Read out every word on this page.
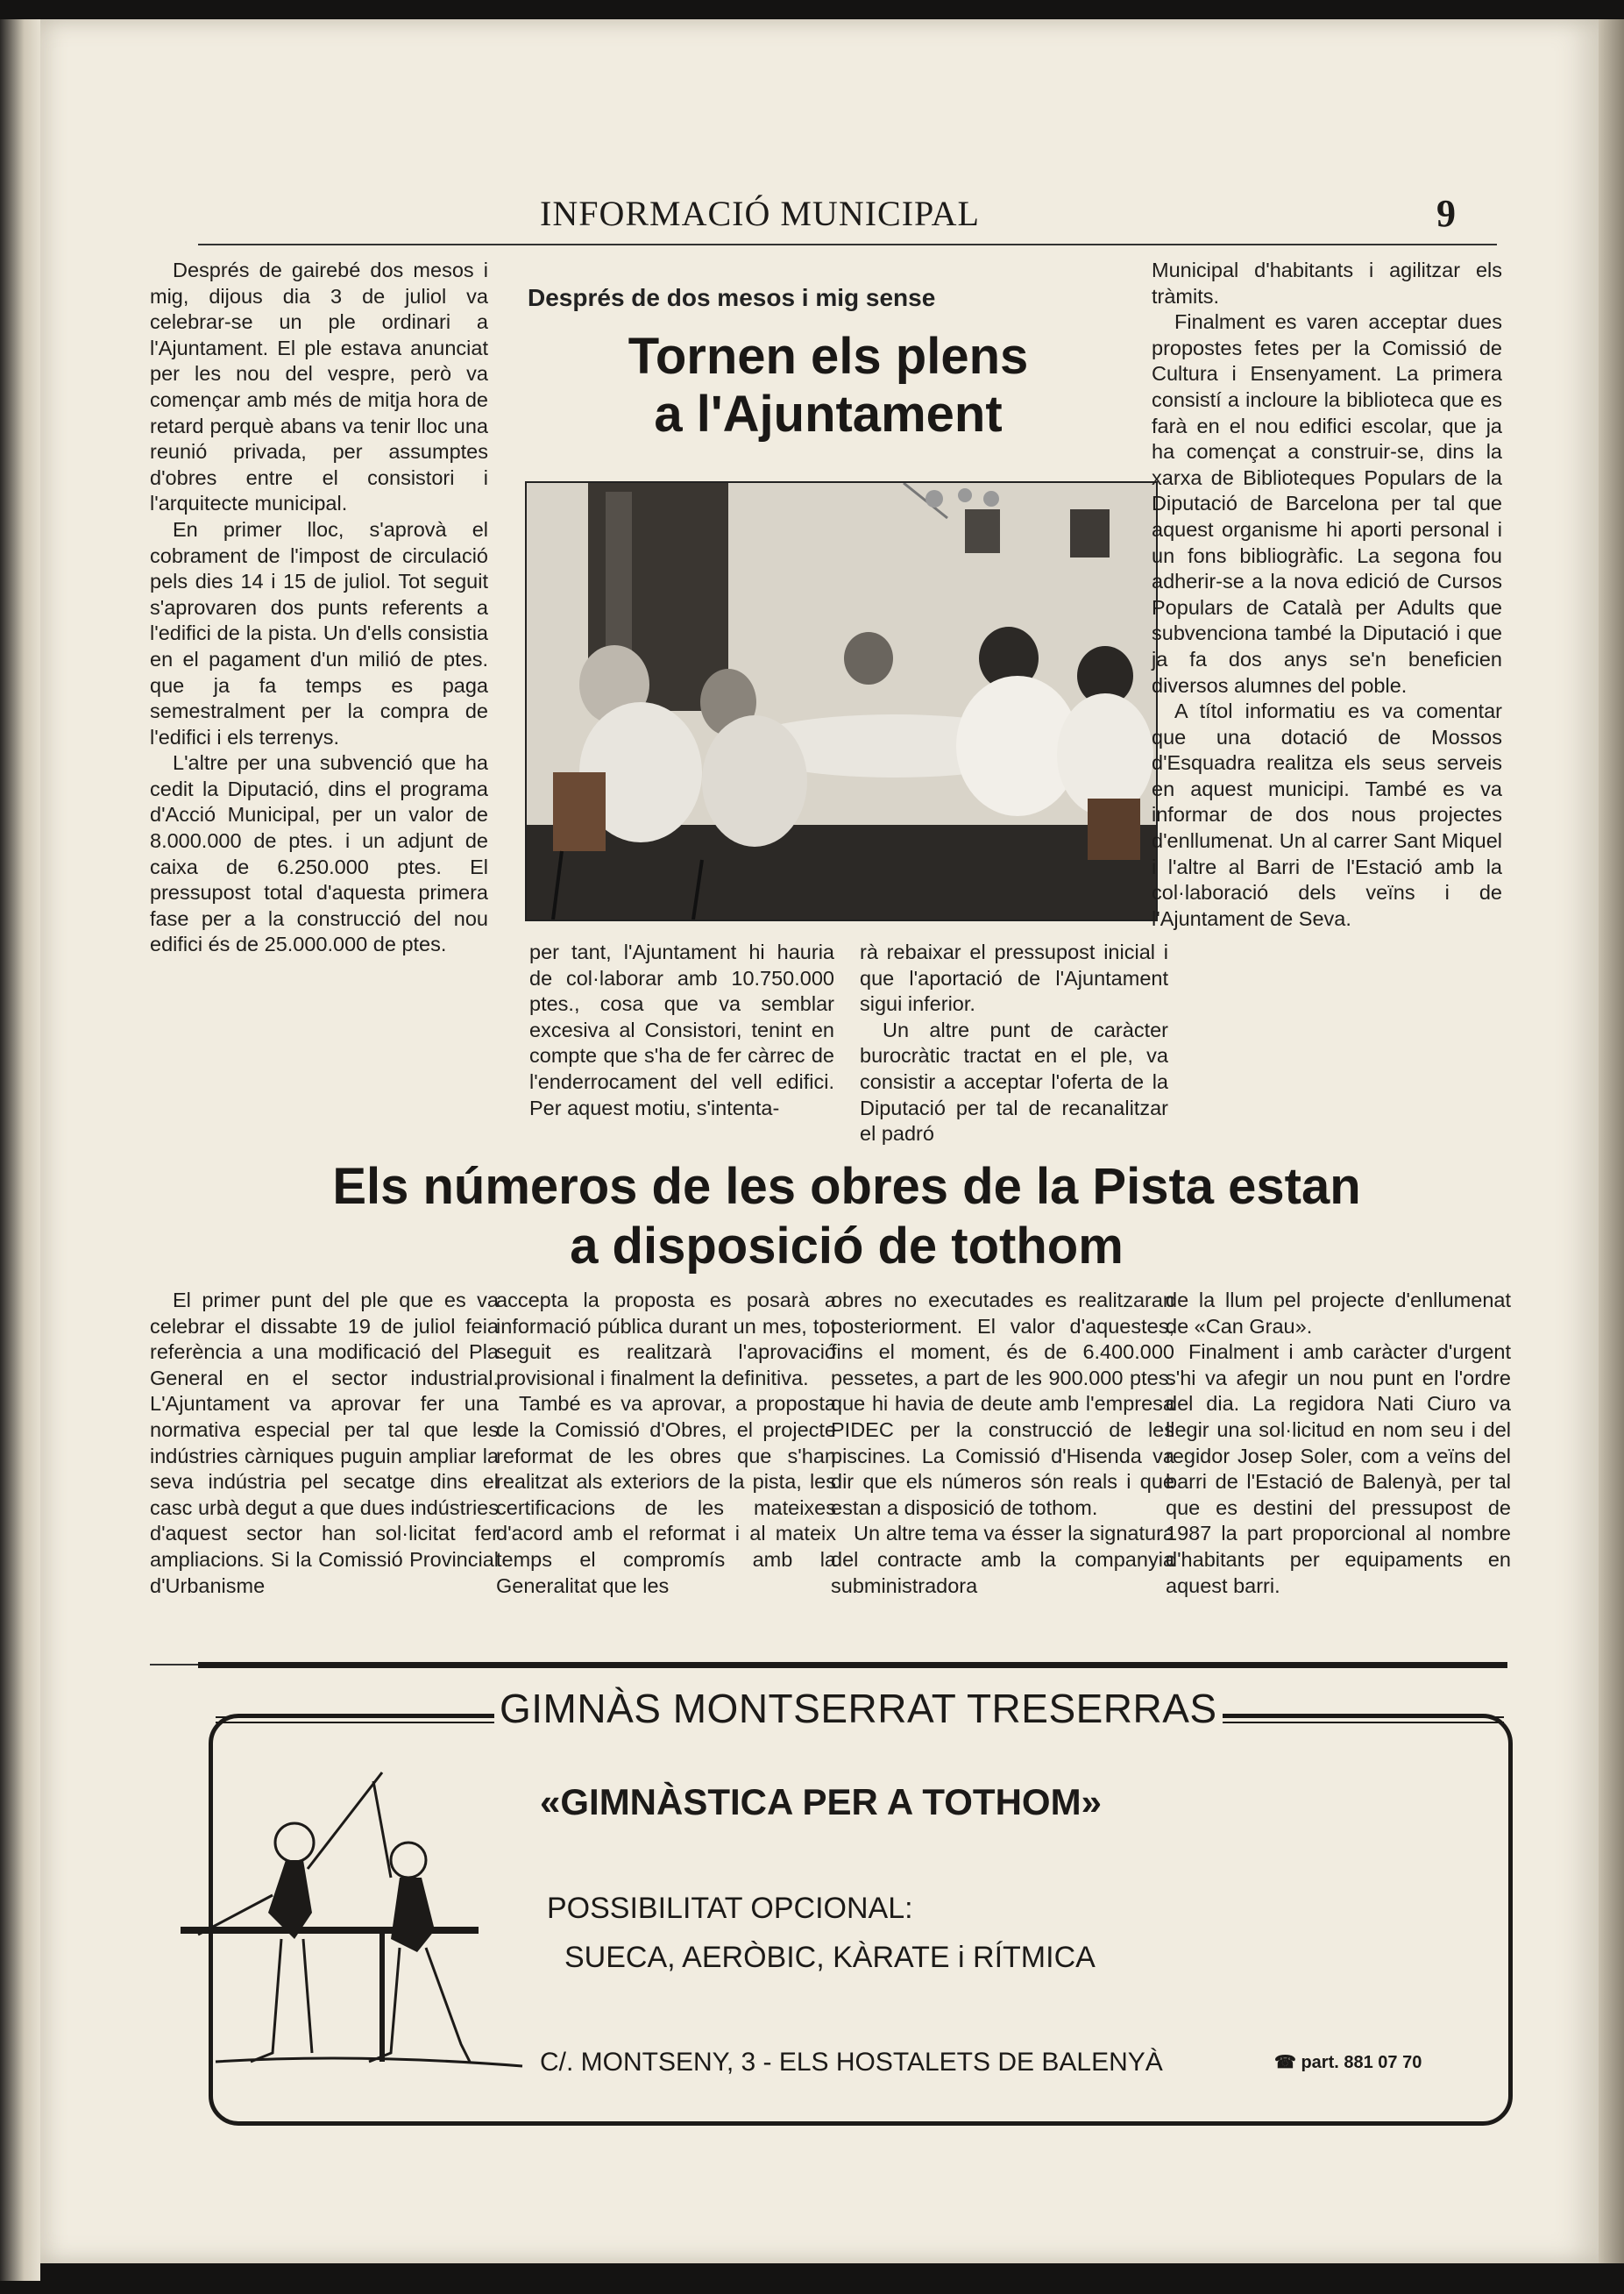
INFORMACIÓ MUNICIPAL	9

Després de gairebé dos mesos i mig, dijous dia 3 de juliol va celebrar-se un ple ordinari a l'Ajuntament. El ple estava anunciat per les nou del vespre, però va començar amb més de mitja hora de retard perquè abans va tenir lloc una reunió privada, per assumptes d'obres entre el consistori i l'arquitecte municipal.

En primer lloc, s'aprovà el cobrament de l'impost de circulació pels dies 14 i 15 de juliol. Tot seguit s'aprovaren dos punts referents a l'edifici de la pista. Un d'ells consistia en el pagament d'un milió de ptes. que ja fa temps es paga semestralment per la compra de l'edifici i els terrenys.

L'altre per una subvenció que ha cedit la Diputació, dins el programa d'Acció Municipal, per un valor de 8.000.000 de ptes. i un adjunt de caixa de 6.250.000 ptes. El pressupost total d'aquesta primera fase per a la construcció del nou edifici és de 25.000.000 de ptes.

Després de dos mesos i mig sense
Tornen els plens
a l'Ajuntament

per tant, l'Ajuntament hi hauria de col·laborar amb 10.750.000 ptes., cosa que va semblar excesiva al Consistori, tenint en compte que s'ha de fer càrrec de l'enderrocament del vell edifici. Per aquest motiu, s'intenta-

rà rebaixar el pressupost inicial i que l'aportació de l'Ajuntament sigui inferior.

Un altre punt de caràcter burocràtic tractat en el ple, va consistir a acceptar l'oferta de la Diputació per tal de recanalitzar el padró

Municipal d'habitants i agilitzar els tràmits.

Finalment es varen acceptar dues propostes fetes per la Comissió de Cultura i Ensenyament. La primera consistí a incloure la biblioteca que es farà en el nou edifici escolar, que ja ha començat a construir-se, dins la xarxa de Biblioteques Populars de la Diputació de Barcelona per tal que aquest organisme hi aporti personal i un fons bibliogràfic. La segona fou adherir-se a la nova edició de Cursos Populars de Català per Adults que subvenciona també la Diputació i que ja fa dos anys se'n beneficien diversos alumnes del poble.

A títol informatiu es va comentar que una dotació de Mossos d'Esquadra realitza els seus serveis en aquest municipi. També es va informar de dos nous projectes d'enllumenat. Un al carrer Sant Miquel i l'altre al Barri de l'Estació amb la col·laboració dels veïns i de l'Ajuntament de Seva.

Els números de les obres de la Pista estan
a disposició de tothom

El primer punt del ple que es va celebrar el dissabte 19 de juliol feia referència a una modificació del Pla General en el sector industrial. L'Ajuntament va aprovar fer una normativa especial per tal que les indústries càrniques puguin ampliar la seva indústria pel secatge dins el casc urbà degut a que dues indústries d'aquest sector han sol·licitat fer ampliacions. Si la Comissió Provincial d'Urbanisme

accepta la proposta es posarà a informació pública durant un mes, tot seguit es realitzarà l'aprovació provisional i finalment la definitiva.

També es va aprovar, a proposta de la Comissió d'Obres, el projecte reformat de les obres que s'han realitzat als exteriors de la pista, les certificacions de les mateixes d'acord amb el reformat i al mateix temps el compromís amb la Generalitat que les

obres no executades es realitzaran posteriorment. El valor d'aquestes, fins el moment, és de 6.400.000 pessetes, a part de les 900.000 ptes. que hi havia de deute amb l'empresa PIDEC per la construcció de les piscines. La Comissió d'Hisenda va dir que els números són reals i que estan a disposició de tothom.

Un altre tema va ésser la signatura del contracte amb la companyia subministradora

de la llum pel projecte d'enllumenat de «Can Grau».

Finalment i amb caràcter d'urgent s'hi va afegir un nou punt en l'ordre del dia. La regidora Nati Ciuro va llegir una sol·licitud en nom seu i del regidor Josep Soler, com a veïns del barri de l'Estació de Balenyà, per tal que es destini del pressupost de 1987 la part proporcional al nombre d'habitants per equipaments en aquest barri.

GIMNÀS MONTSERRAT TRESERRAS
«GIMNÀSTICA PER A TOTHOM»
POSSIBILITAT OPCIONAL:
SUECA, AERÒBIC, KÀRATE i RÍTMICA
C/. MONTSENY, 3 - ELS HOSTALETS DE BALENYÀ	☎ part. 881 07 70
